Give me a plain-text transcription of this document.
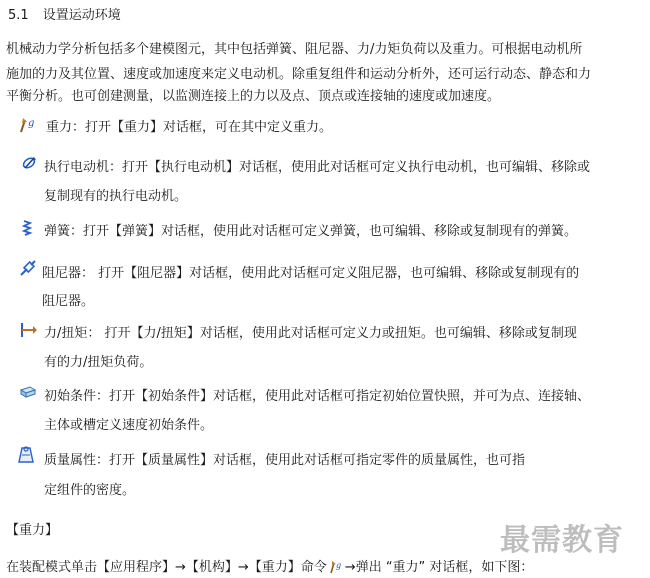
5.1 设置运动环境
机械动力学分析包括多个建模图元，其中包括弹簧、阻尼器、力/力矩负荷以及重力。可根据电动机所
施加的力及其位置、速度或加速度来定义电动机。除重复组件和运动分析外，还可运行动态、静态和力
平衡分析。也可创建测量，以监测连接上的力以及点、顶点或连接轴的速度或加速度。
g 重力：打开【重力】对话框，可在其中定义重力。
执行电动机：打开【执行电动机】对话框，使用此对话框可定义执行电动机，也可编辑、移除或
复制现有的执行电动机。
弹簧：打开【弹簧】对话框，使用此对话框可定义弹簧，也可编辑、移除或复制现有的弹簧。
阻尼器： 打开【阻尼器】对话框，使用此对话框可定义阻尼器，也可编辑、移除或复制现有的
阻尼器。
力/扭矩： 打开【力/扭矩】对话框，使用此对话框可定义力或扭矩。也可编辑、移除或复制现
有的力/扭矩负荷。
初始条件：打开【初始条件】对话框，使用此对话框可指定初始位置快照，并可为点、连接轴、
主体或槽定义速度初始条件。
质量属性：打开【质量属性】对话框，使用此对话框可指定零件的质量属性，也可指
定组件的密度。
【重力】	最需教育
在装配模式单击【应用程序】→【机构】→【重力】命令 g →弹出 “重力” 对话框，如下图：
